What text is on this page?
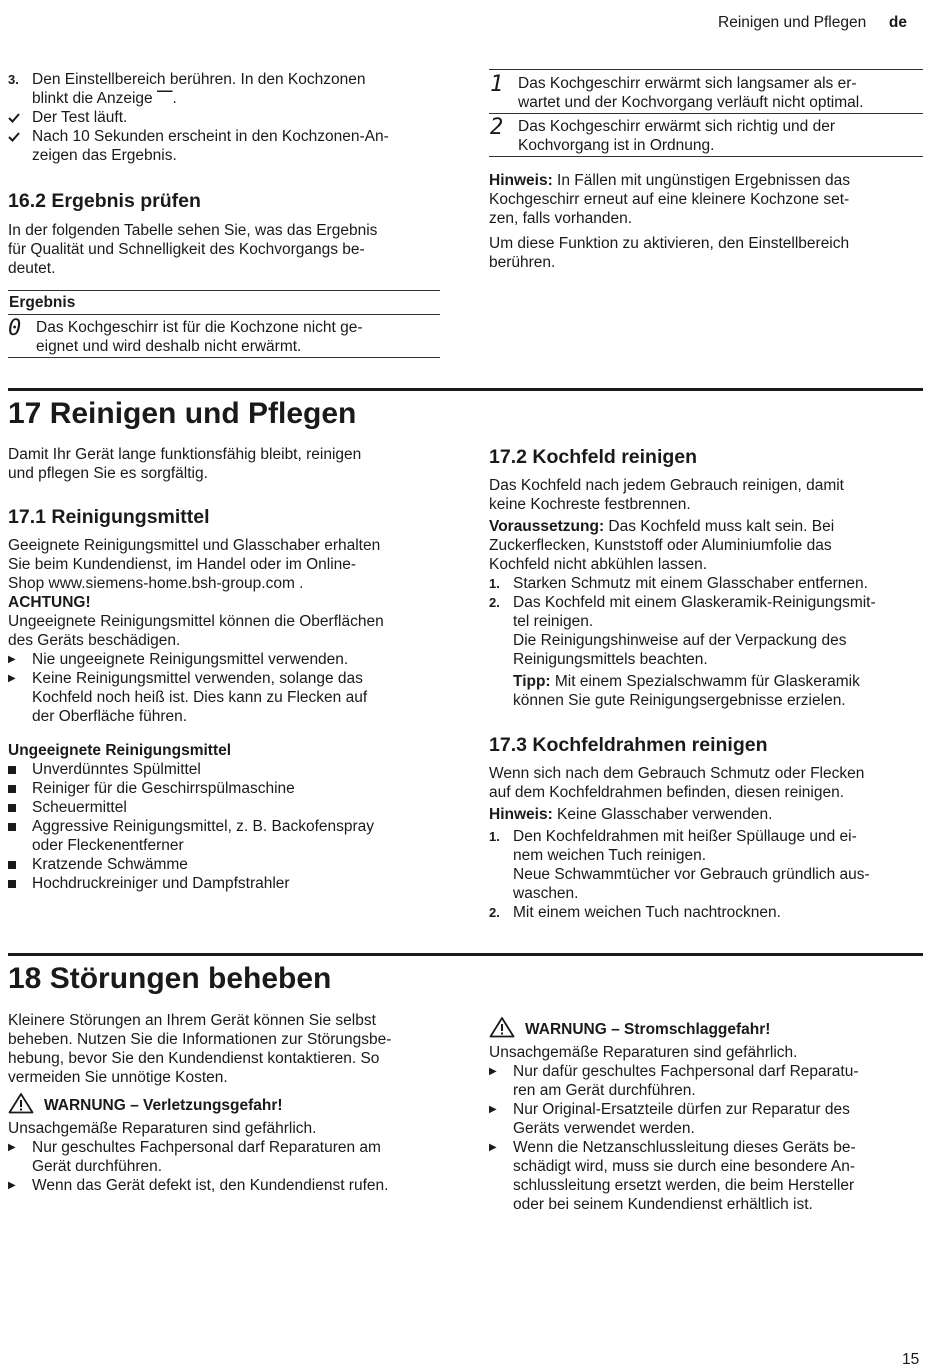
Reinigen und Pflegen de
3. Den Einstellbereich berühren. In den Kochzonen
blinkt die Anzeige ⎺.
Der Test läuft.
Nach 10 Sekunden erscheint in den Kochzonen-An-
zeigen das Ergebnis.
16.2 Ergebnis prüfen
In der folgenden Tabelle sehen Sie, was das Ergebnis
für Qualität und Schnelligkeit des Kochvorgangs be-
deutet.
Ergebnis
0 Das Kochgeschirr ist für die Kochzone nicht ge-
eignet und wird deshalb nicht erwärmt.
1 Das Kochgeschirr erwärmt sich langsamer als er-
wartet und der Kochvorgang verläuft nicht optimal.
2 Das Kochgeschirr erwärmt sich richtig und der
Kochvorgang ist in Ordnung.
Hinweis: In Fällen mit ungünstigen Ergebnissen das
Kochgeschirr erneut auf eine kleinere Kochzone set-
zen, falls vorhanden.
Um diese Funktion zu aktivieren, den Einstellbereich
berühren.
17 Reinigen und Pflegen
Damit Ihr Gerät lange funktionsfähig bleibt, reinigen
und pflegen Sie es sorgfältig.
17.1 Reinigungsmittel
Geeignete Reinigungsmittel und Glasschaber erhalten
Sie beim Kundendienst, im Handel oder im Online-
Shop www.siemens-home.bsh-group.com .
ACHTUNG!
Ungeeignete Reinigungsmittel können die Oberflächen
des Geräts beschädigen.
▶	Nie ungeeignete Reinigungsmittel verwenden.
▶	Keine Reinigungsmittel verwenden, solange das
Kochfeld noch heiß ist. Dies kann zu Flecken auf
der Oberfläche führen.
Ungeeignete Reinigungsmittel
Unverdünntes Spülmittel
Reiniger für die Geschirrspülmaschine
Scheuermittel
Aggressive Reinigungsmittel, z. B. Backofenspray
oder Fleckenentferner
Kratzende Schwämme
Hochdruckreiniger und Dampfstrahler
17.2 Kochfeld reinigen
Das Kochfeld nach jedem Gebrauch reinigen, damit
keine Kochreste festbrennen.
Voraussetzung: Das Kochfeld muss kalt sein. Bei
Zuckerflecken, Kunststoff oder Aluminiumfolie das
Kochfeld nicht abkühlen lassen.
1. Starken Schmutz mit einem Glasschaber entfernen.
2. Das Kochfeld mit einem Glaskeramik-Reinigungsmit-
tel reinigen.
Die Reinigungshinweise auf der Verpackung des
Reinigungsmittels beachten.
Tipp: Mit einem Spezialschwamm für Glaskeramik
können Sie gute Reinigungsergebnisse erzielen.
17.3 Kochfeldrahmen reinigen
Wenn sich nach dem Gebrauch Schmutz oder Flecken
auf dem Kochfeldrahmen befinden, diesen reinigen.
Hinweis: Keine Glasschaber verwenden.
1. Den Kochfeldrahmen mit heißer Spüllauge und ei-
nem weichen Tuch reinigen.
Neue Schwammtücher vor Gebrauch gründlich aus-
waschen.
2. Mit einem weichen Tuch nachtrocknen.
18 Störungen beheben
Kleinere Störungen an Ihrem Gerät können Sie selbst
beheben. Nutzen Sie die Informationen zur Störungsbe-
hebung, bevor Sie den Kundendienst kontaktieren. So
vermeiden Sie unnötige Kosten.
WARNUNG – Verletzungsgefahr!
Unsachgemäße Reparaturen sind gefährlich.
▶	Nur geschultes Fachpersonal darf Reparaturen am
Gerät durchführen.
▶	Wenn das Gerät defekt ist, den Kundendienst rufen.
WARNUNG – Stromschlaggefahr!
Unsachgemäße Reparaturen sind gefährlich.
▶	Nur dafür geschultes Fachpersonal darf Reparatu-
ren am Gerät durchführen.
▶	Nur Original-Ersatzteile dürfen zur Reparatur des
Geräts verwendet werden.
▶	Wenn die Netzanschlussleitung dieses Geräts be-
schädigt wird, muss sie durch eine besondere An-
schlussleitung ersetzt werden, die beim Hersteller
oder bei seinem Kundendienst erhältlich ist.
15
